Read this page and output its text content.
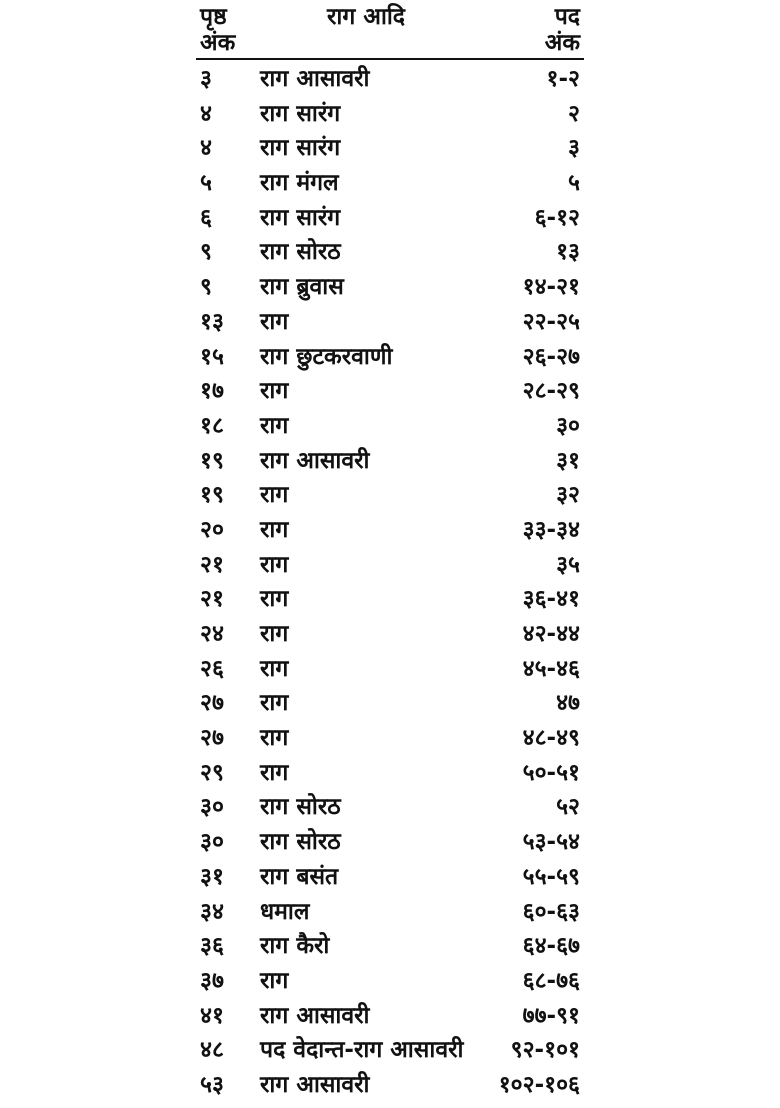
पृष्ठ
अंक
राग आदि	पद
अंक
३ राग आसावरी	१-२
४ राग सारंग	२
४ राग सारंग	३
५ राग मंगल	५
६ राग सारंग	६-१२
९ राग सोरठ	१३
९ राग ब्रुवास	१४-२१
१३ राग	२२-२५
१५ राग छुटकरवाणी	२६-२७
१७ राग	२८-२९
१८ राग	३०
१९ राग आसावरी	३१
१९ राग	३२
२० राग	३३-३४
२१ राग	३५
२१ राग	३६-४१
२४ राग	४२-४४
२६ राग	४५-४६
२७ राग	४७
२७ राग	४८-४९
२९ राग	५०-५१
३० राग सोरठ	५२
३० राग सोरठ	५३-५४
३१ राग बसंत	५५-५९
३४ धमाल	६०-६३
३६ राग कैरो	६४-६७
३७ राग	६८-७६
४१ राग आसावरी	७७-९१
४८ पद वेदान्त-राग आसावरी ९२-१०१
५३ राग आसावरी	१०२-१०६
